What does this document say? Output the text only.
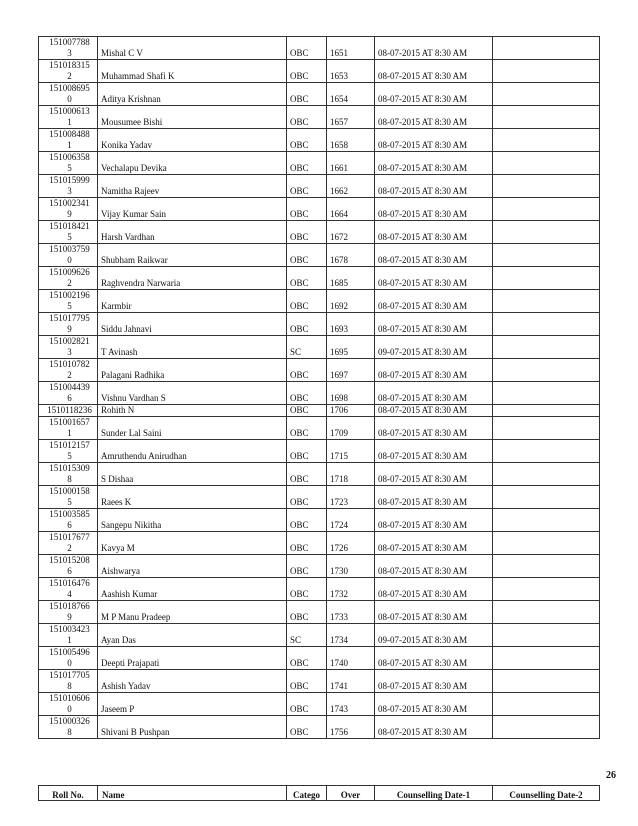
151007788
3	Mishal C V	OBC	1651	08-07-2015 AT 8:30 AM	

151018315
2	Muhammad Shafi K	OBC	1653	08-07-2015 AT 8:30 AM	

151008695
0	Aditya Krishnan	OBC	1654	08-07-2015 AT 8:30 AM	

151000613
1	Mousumee Bishi	OBC	1657	08-07-2015 AT 8:30 AM	

151008488
1	Konika Yadav	OBC	1658	08-07-2015 AT 8:30 AM	

151006358
5	Vechalapu Devika	OBC	1661	08-07-2015 AT 8:30 AM	

151015999
3	Namitha Rajeev	OBC	1662	08-07-2015 AT 8:30 AM	

151002341
9	Vijay Kumar Sain	OBC	1664	08-07-2015 AT 8:30 AM	

151018421
5	Harsh Vardhan	OBC	1672	08-07-2015 AT 8:30 AM	

151003759
0	Shubham Raikwar	OBC	1678	08-07-2015 AT 8:30 AM	

151009626
2	Raghvendra Narwaria	OBC	1685	08-07-2015 AT 8:30 AM	

151002196
5	Karmbir	OBC	1692	08-07-2015 AT 8:30 AM	

151017795
9	Siddu Jahnavi	OBC	1693	08-07-2015 AT 8:30 AM	

151002821
3	T Avinash	SC	1695	09-07-2015 AT 8:30 AM	

151010782
2	Palagani Radhika	OBC	1697	08-07-2015 AT 8:30 AM	

151004439
6	Vishnu Vardhan S	OBC	1698	08-07-2015 AT 8:30 AM	

1510118236	Rohith N	OBC	1706	08-07-2015 AT 8:30 AM	

151001657
1	Sunder Lal Saini	OBC	1709	08-07-2015 AT 8:30 AM	

151012157
5	Amruthendu Anirudhan	OBC	1715	08-07-2015 AT 8:30 AM	

151015309
8	S Dishaa	OBC	1718	08-07-2015 AT 8:30 AM	

151000158
5	Raees K	OBC	1723	08-07-2015 AT 8:30 AM	

151003585
6	Sangepu Nikitha	OBC	1724	08-07-2015 AT 8:30 AM	

151017677
2	Kavya M	OBC	1726	08-07-2015 AT 8:30 AM	

151015208
6	Aishwarya	OBC	1730	08-07-2015 AT 8:30 AM	

151016476
4	Aashish Kumar	OBC	1732	08-07-2015 AT 8:30 AM	

151018766
9	M P Manu Pradeep	OBC	1733	08-07-2015 AT 8:30 AM	

151003423
1	Ayan Das	SC	1734	09-07-2015 AT 8:30 AM	

151005496
0	Deepti Prajapati	OBC	1740	08-07-2015 AT 8:30 AM	

151017705
8	Ashish Yadav	OBC	1741	08-07-2015 AT 8:30 AM	

151010606
0	Jaseem P	OBC	1743	08-07-2015 AT 8:30 AM	

151000326
8	Shivani B Pushpan	OBC	1756	08-07-2015 AT 8:30 AM	
26
Roll No.	Name	Catego	Over	Counselling Date-1	Counselling Date-2
